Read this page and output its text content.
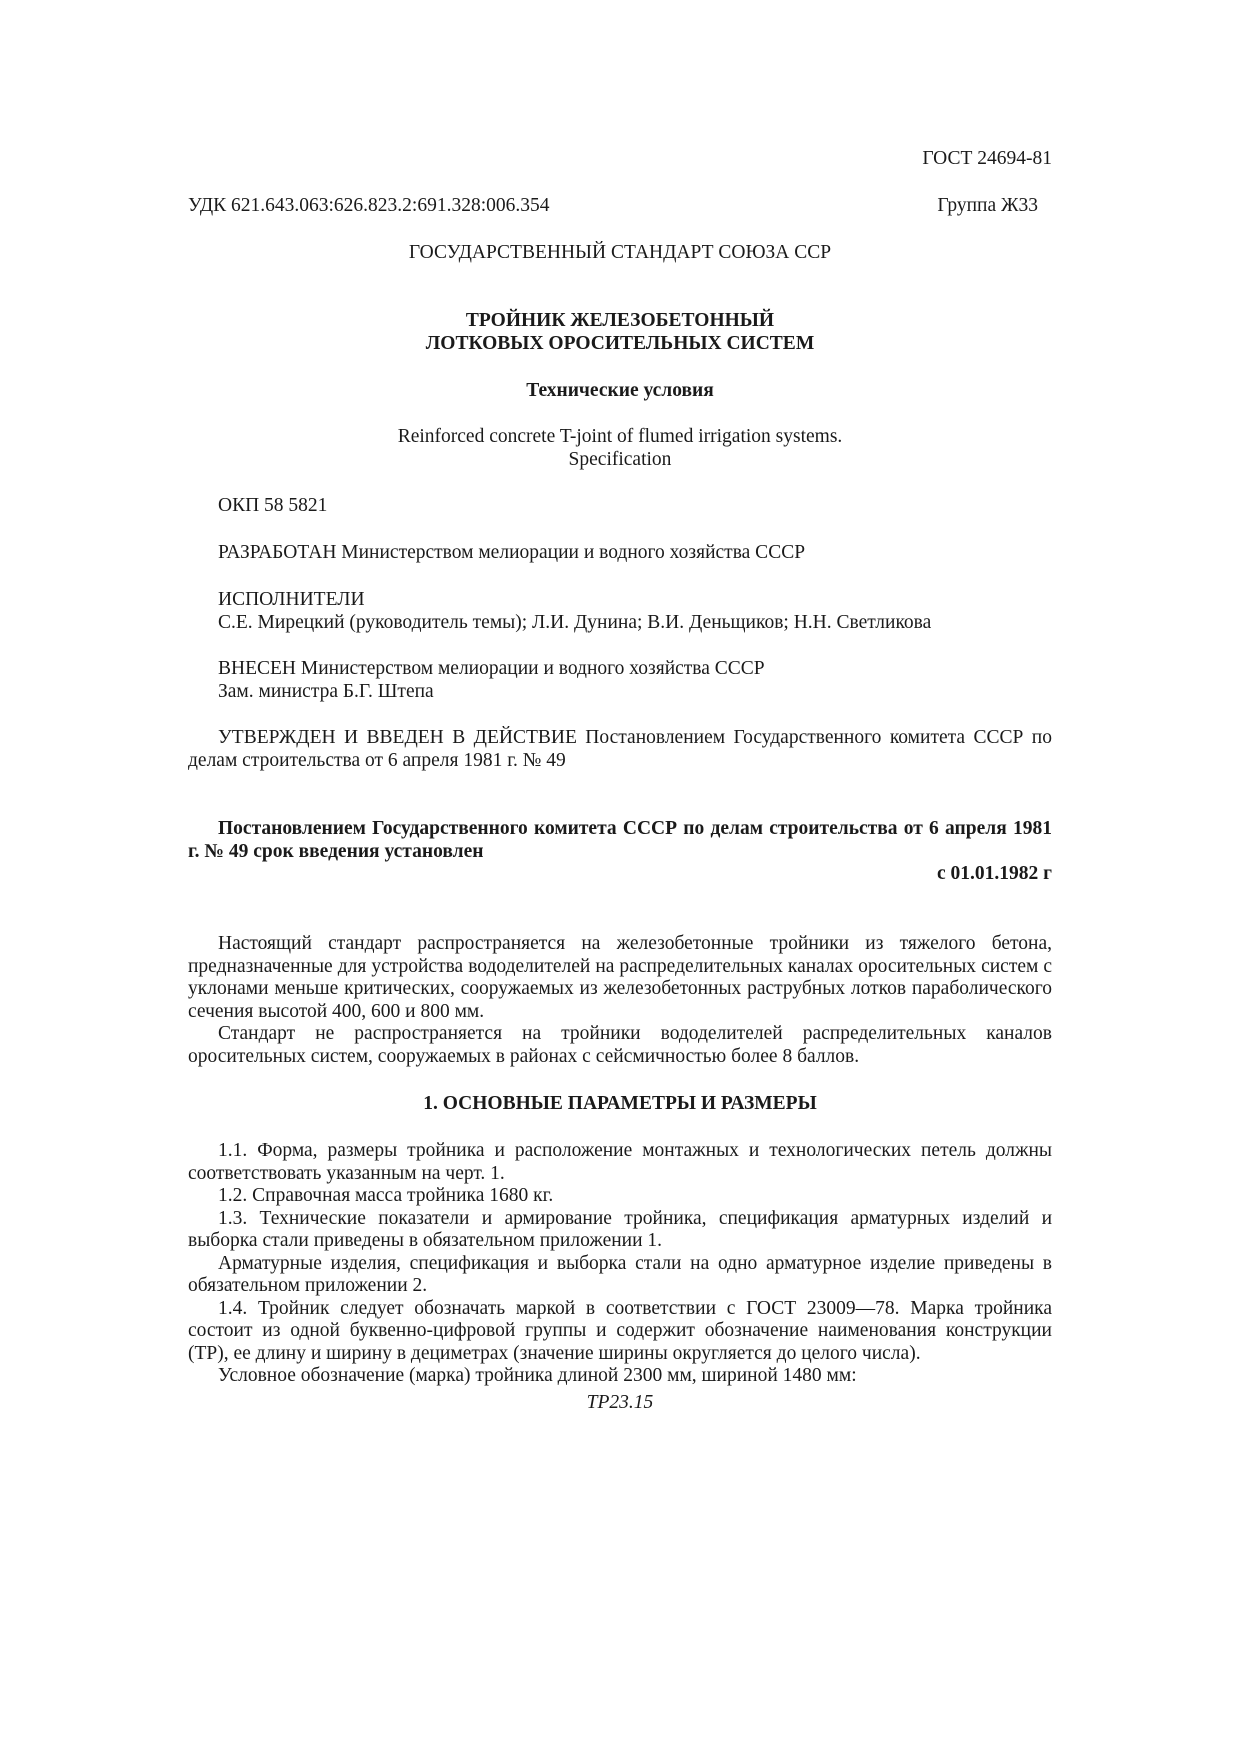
ГОСТ 24694-81
УДК 621.643.063:626.823.2:691.328:006.354	Группа Ж33
ГОСУДАРСТВЕННЫЙ СТАНДАРТ СОЮЗА ССР
ТРОЙНИК ЖЕЛЕЗОБЕТОННЫЙ
ЛОТКОВЫХ ОРОСИТЕЛЬНЫХ СИСТЕМ
Технические условия
Reinforced concrete T-joint of flumed irrigation systems.
Specification
ОКП 58 5821
РАЗРАБОТАН Министерством мелиорации и водного хозяйства СССР
ИСПОЛНИТЕЛИ
С.Е. Мирецкий (руководитель темы); Л.И. Дунина; В.И. Деньщиков; Н.Н. Светликова
ВНЕСЕН Министерством мелиорации и водного хозяйства СССР
Зам. министра Б.Г. Штепа
УТВЕРЖДЕН И ВВЕДЕН В ДЕЙСТВИЕ Постановлением Государственного комитета СССР по делам строительства от 6 апреля 1981 г. № 49
Постановлением Государственного комитета СССР по делам строительства от 6 апреля 1981 г. № 49 срок введения установлен
с 01.01.1982 г

Настоящий стандарт распространяется на железобетонные тройники из тяжелого бетона, предназначенные для устройства вододелителей на распределительных каналах оросительных систем с уклонами меньше критических, сооружаемых из железобетонных раструбных лотков параболического сечения высотой 400, 600 и 800 мм.

Стандарт не распространяется на тройники вододелителей распределительных каналов оросительных систем, сооружаемых в районах с сейсмичностью более 8 баллов.

1. ОСНОВНЫЕ ПАРАМЕТРЫ И РАЗМЕРЫ

1.1. Форма, размеры тройника и расположение монтажных и технологических петель должны соответствовать указанным на черт. 1.

1.2. Справочная масса тройника 1680 кг.

1.3. Технические показатели и армирование тройника, спецификация арматурных изделий и выборка стали приведены в обязательном приложении 1.

Арматурные изделия, спецификация и выборка стали на одно арматурное изделие приведены в обязательном приложении 2.

1.4. Тройник следует обозначать маркой в соответствии с ГОСТ 23009—78. Марка тройника состоит из одной буквенно-цифровой группы и содержит обозначение наименования конструкции (ТР), ее длину и ширину в дециметрах (значение ширины округляется до целого числа).

Условное обозначение (марка) тройника длиной 2300 мм, шириной 1480 мм:

ТР23.15
